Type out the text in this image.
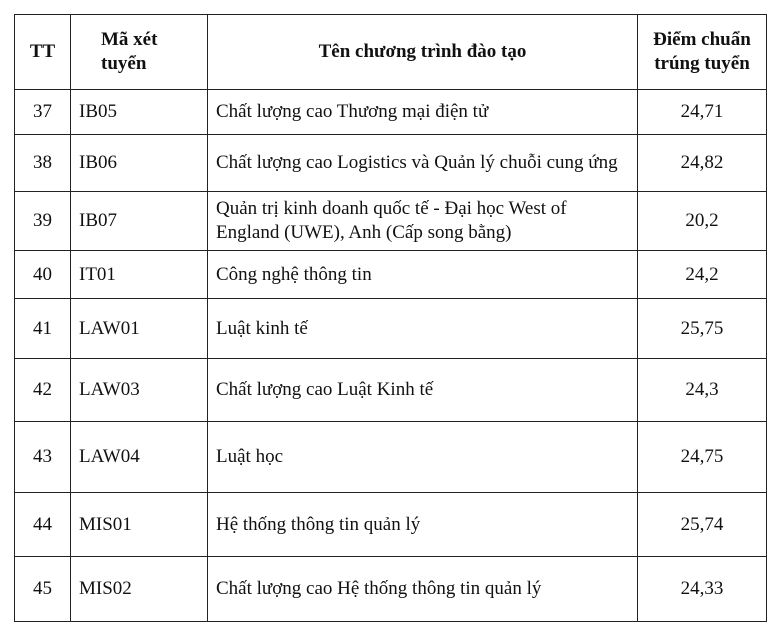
TT	Mã xét tuyển	Tên chương trình đào tạo	Điểm chuẩn trúng tuyển
37	IB05	Chất lượng cao Thương mại điện tử	24,71
38	IB06	Chất lượng cao Logistics và Quản lý chuỗi cung ứng	24,82
39	IB07	Quản trị kinh doanh quốc tế - Đại học West of England (UWE), Anh (Cấp song bằng)	20,2
40	IT01	Công nghệ thông tin	24,2
41	LAW01	Luật kinh tế	25,75
42	LAW03	Chất lượng cao Luật Kinh tế	24,3
43	LAW04	Luật học	24,75
44	MIS01	Hệ thống thông tin quản lý	25,74
45	MIS02	Chất lượng cao Hệ thống thông tin quản lý	24,33
